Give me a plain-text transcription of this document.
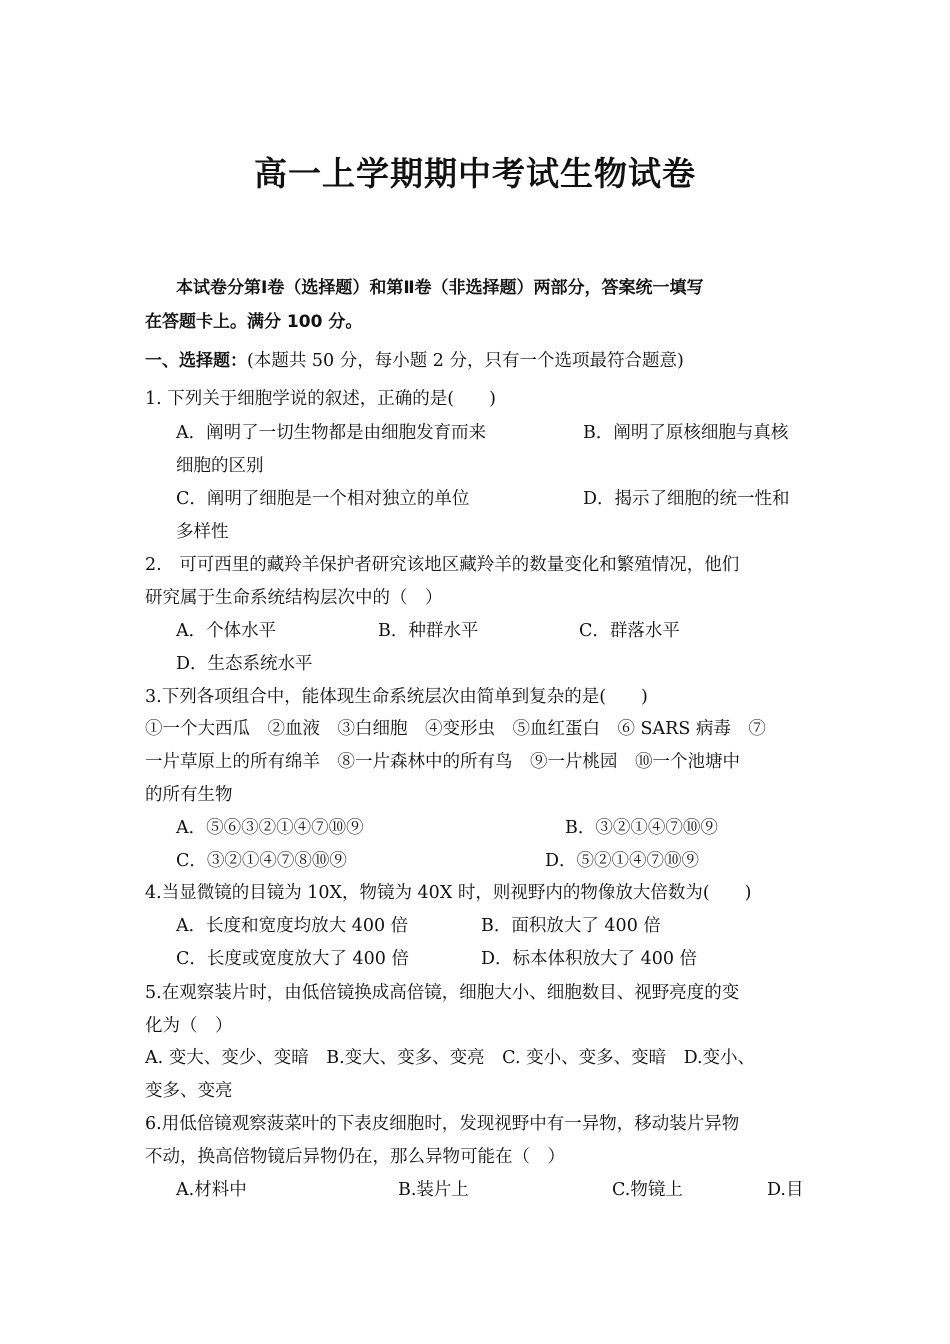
高一上学期期中考试生物试卷
本试卷分第Ⅰ卷（选择题）和第Ⅱ卷（非选择题）两部分，答案统一填写
在答题卡上。满分 100 分。
一、选择题：(本题共 50 分，每小题 2 分，只有一个选项最符合题意)
1. 下列关于细胞学说的叙述，正确的是(　　)
A．阐明了一切生物都是由细胞发育而来	B．阐明了原核细胞与真核
细胞的区别
C．阐明了细胞是一个相对独立的单位	D．揭示了细胞的统一性和
多样性
2.　可可西里的藏羚羊保护者研究该地区藏羚羊的数量变化和繁殖情况，他们
研究属于生命系统结构层次中的（　）
A．个体水平	B．种群水平	C．群落水平
D．生态系统水平
3.下列各项组合中，能体现生命系统层次由简单到复杂的是(　　)
①一个大西瓜　②血液　③白细胞　④变形虫　⑤血红蛋白　⑥ SARS 病毒　⑦
一片草原上的所有绵羊　⑧一片森林中的所有鸟　⑨一片桃园　⑩一个池塘中
的所有生物
A．⑤⑥③②①④⑦⑩⑨	B．③②①④⑦⑩⑨
C．③②①④⑦⑧⑩⑨	D．⑤②①④⑦⑩⑨
4.当显微镜的目镜为 10X，物镜为 40X 时，则视野内的物像放大倍数为(　　)
A．长度和宽度均放大 400 倍	B．面积放大了 400 倍
C．长度或宽度放大了 400 倍	D．标本体积放大了 400 倍
5.在观察装片时，由低倍镜换成高倍镜，细胞大小、细胞数目、视野亮度的变
化为（　）
A. 变大、变少、变暗　B.变大、变多、变亮　C. 变小、变多、变暗　D.变小、
变多、变亮
6.用低倍镜观察菠菜叶的下表皮细胞时，发现视野中有一异物，移动装片异物
不动，换高倍物镜后异物仍在，那么异物可能在（　）
A.材料中	B.装片上	C.物镜上	D.目
